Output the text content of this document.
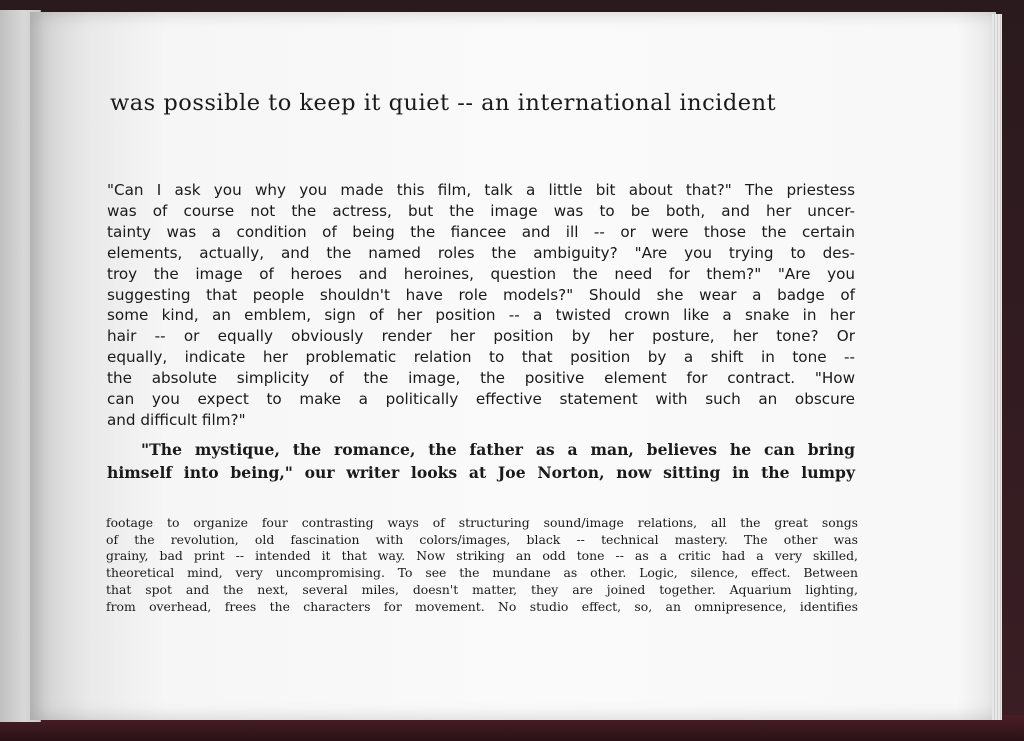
was possible to keep it quiet -- an international incident
"Can I ask you why you made this film, talk a little bit about that?" The priestess
was of course not the actress, but the image was to be both, and her uncer-
tainty was a condition of being the fiancee and ill -- or were those the certain
elements, actually, and the named roles the ambiguity? "Are you trying to des-
troy the image of heroes and heroines, question the need for them?" "Are you
suggesting that people shouldn't have role models?" Should she wear a badge of
some kind, an emblem, sign of her position -- a twisted crown like a snake in her
hair -- or equally obviously render her position by her posture, her tone? Or
equally, indicate her problematic relation to that position by a shift in tone --
the absolute simplicity of the image, the positive element for contract. "How
can you expect to make a politically effective statement with such an obscure
and difficult film?"
"The mystique, the romance, the father as a man, believes he can bring
himself into being," our writer looks at Joe Norton, now sitting in the lumpy
footage to organize four contrasting ways of structuring sound/image relations, all the great songs
of the revolution, old fascination with colors/images, black -- technical mastery. The other was
grainy, bad print -- intended it that way. Now striking an odd tone -- as a critic had a very skilled,
theoretical mind, very uncompromising. To see the mundane as other. Logic, silence, effect. Between
that spot and the next, several miles, doesn't matter, they are joined together. Aquarium lighting,
from overhead, frees the characters for movement. No studio effect, so, an omnipresence, identifies
